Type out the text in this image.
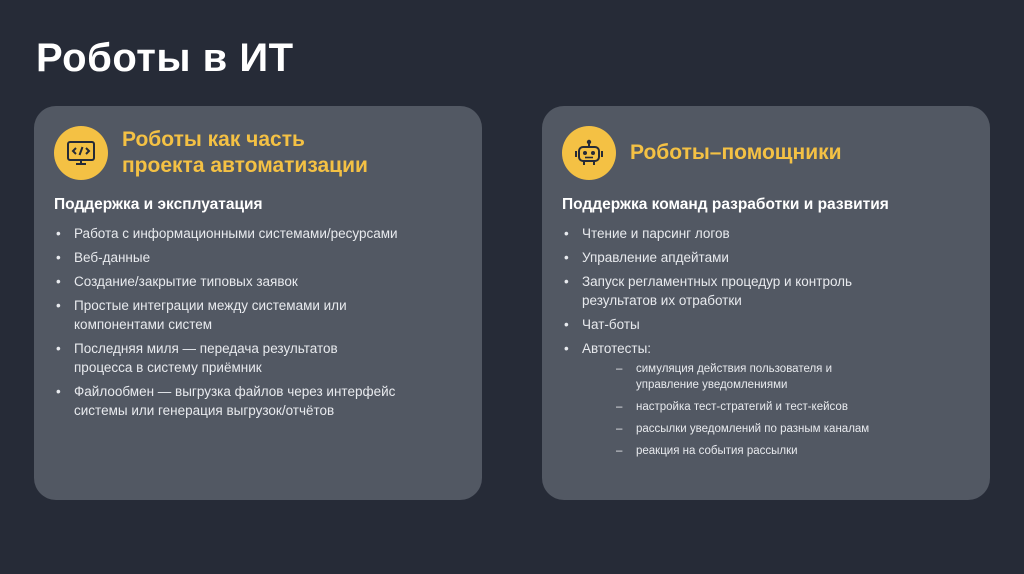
Роботы в ИТ
Роботы как часть
проекта автоматизации
Поддержка и эксплуатация
• Работа с информационными системами/ресурсами
• Веб-данные
• Создание/закрытие типовых заявок
• Простые интеграции между системами или компонентами систем
• Последняя миля — передача результатов процесса в систему приёмник
• Файлообмен — выгрузка файлов через интерфейс системы или генерация выгрузок/отчётов
Роботы–помощники
Поддержка команд разработки и развития
• Чтение и парсинг логов
• Управление апдейтами
• Запуск регламентных процедур и контроль результатов их отработки
• Чат-боты
• Автотесты:
– симуляция действия пользователя и управление уведомлениями
– настройка тест-стратегий и тест-кейсов
– рассылки уведомлений по разным каналам
– реакция на события рассылки
